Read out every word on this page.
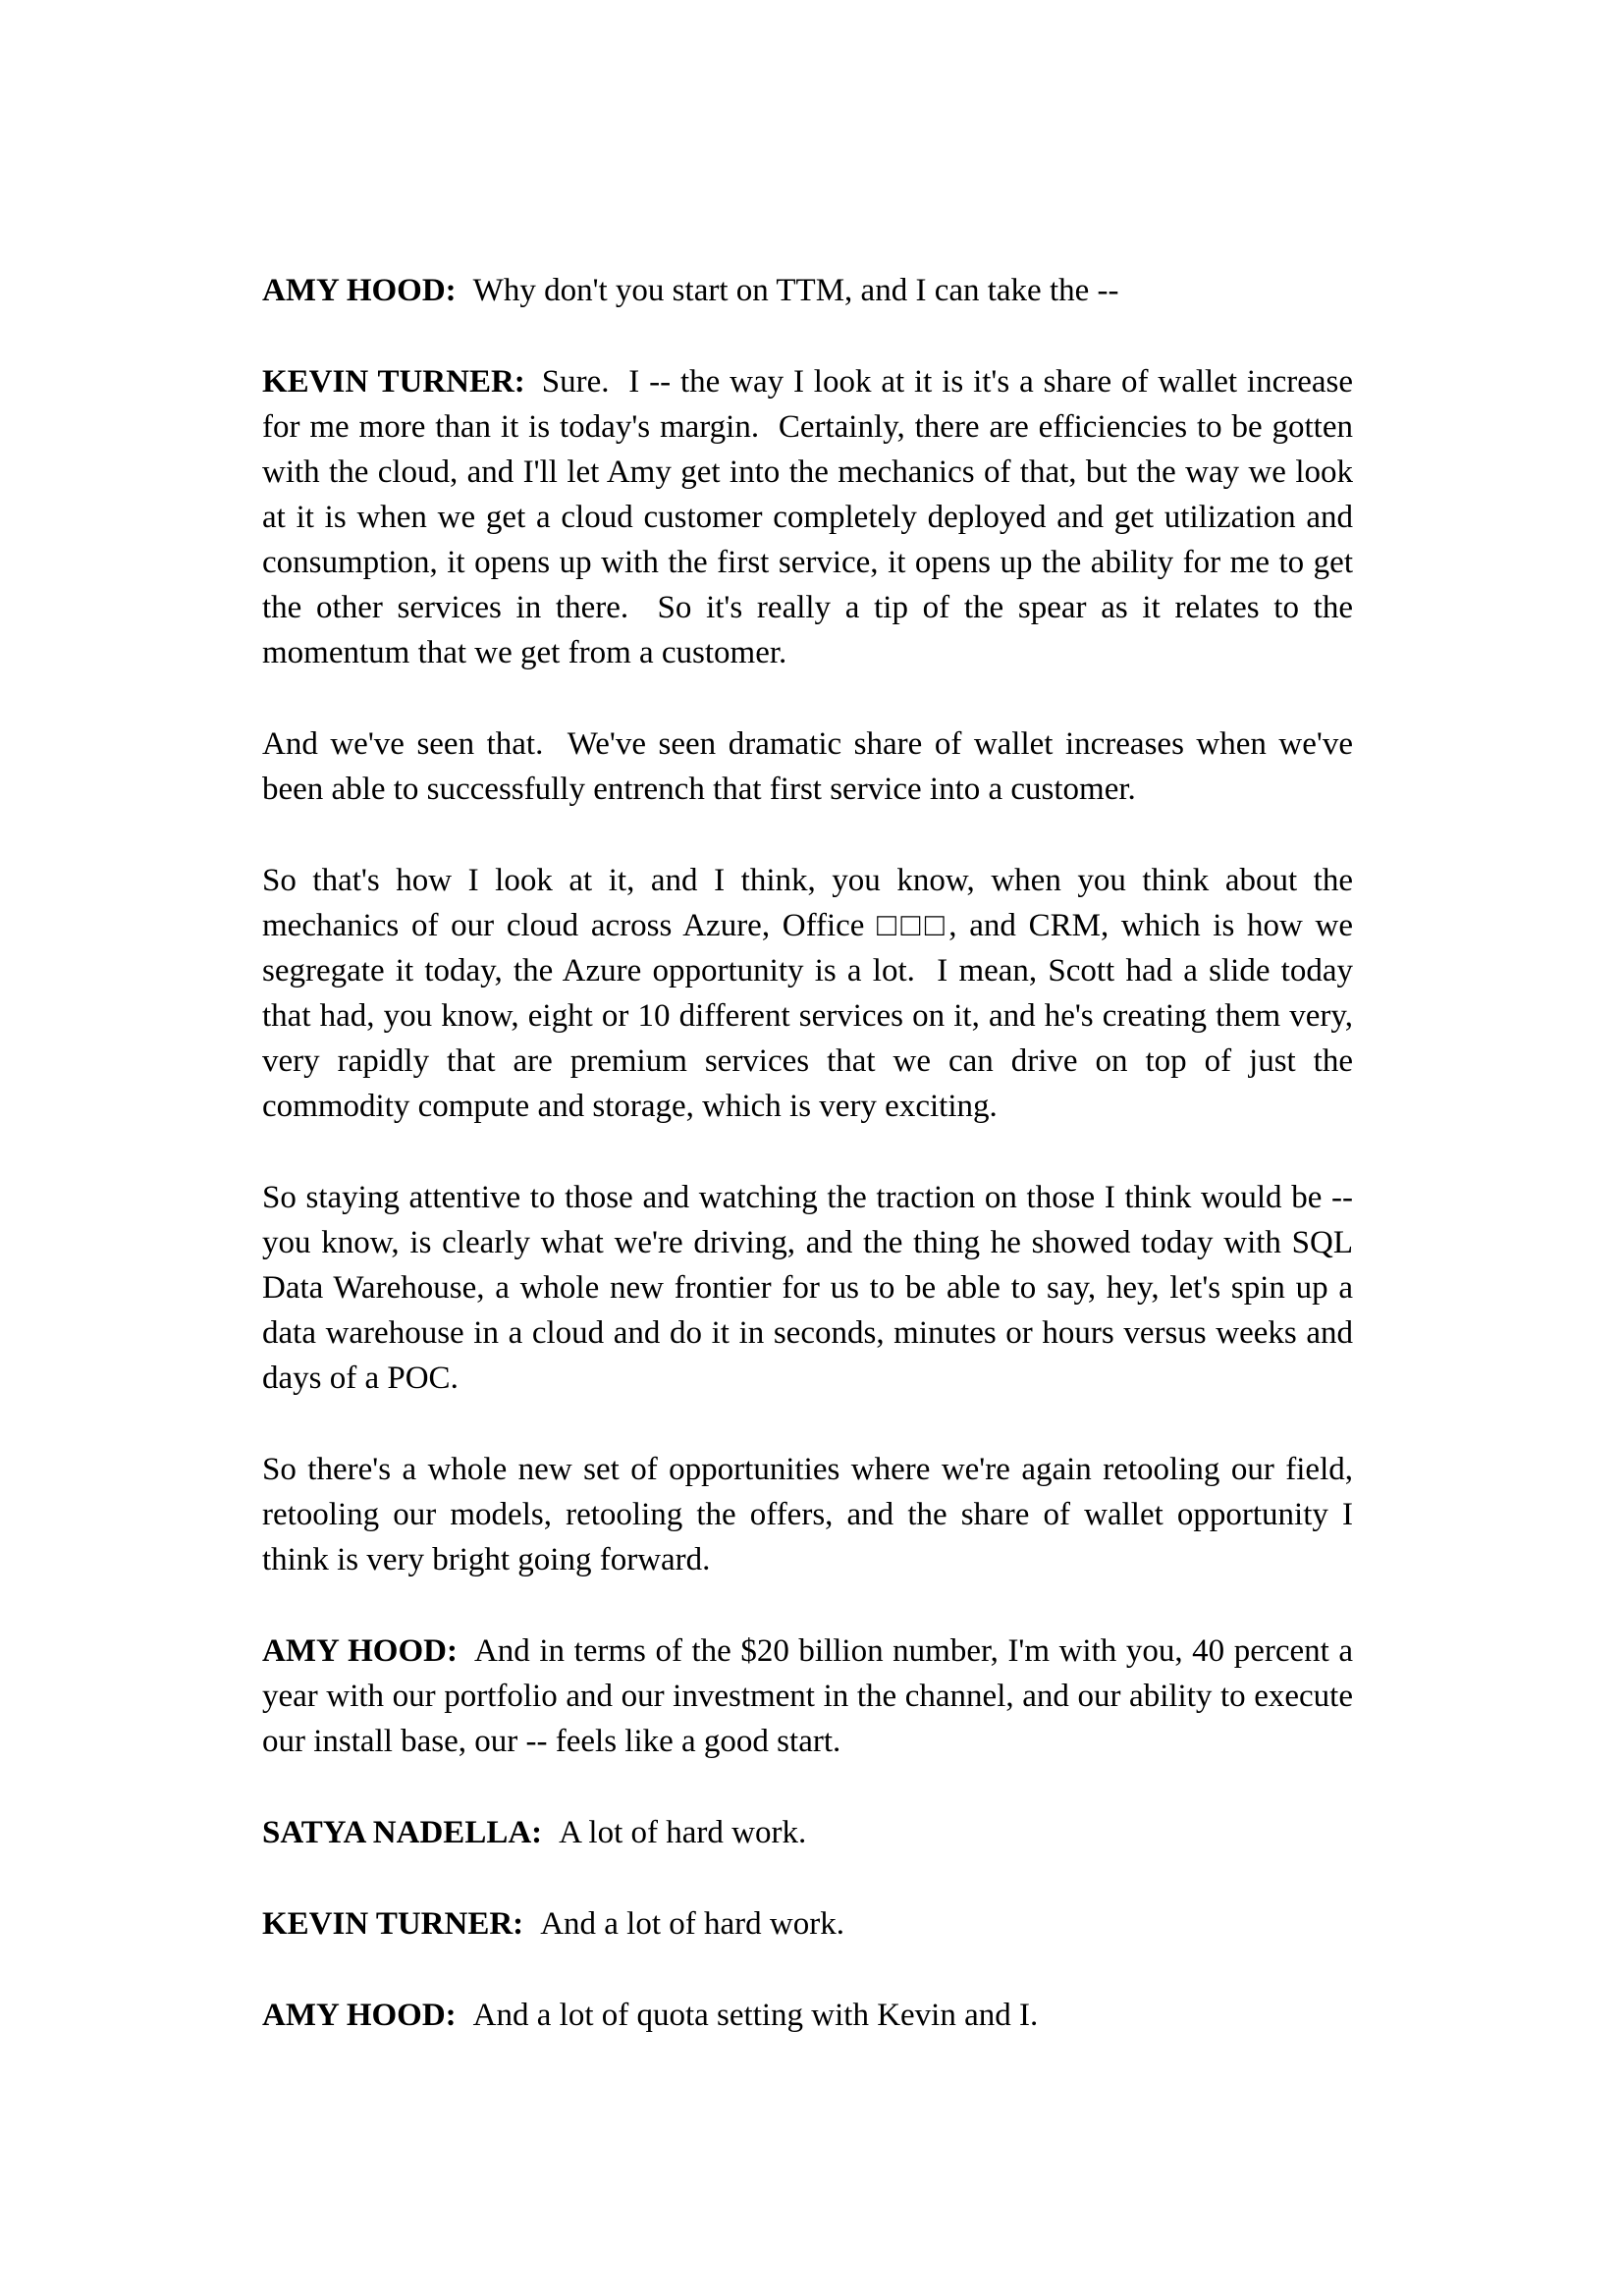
AMY HOOD: Why don't you start on TTM, and I can take the --

KEVIN TURNER: Sure.  I -- the way I look at it is it's a share of wallet increase for me more than it is today's margin.  Certainly, there are efficiencies to be gotten with the cloud, and I'll let Amy get into the mechanics of that, but the way we look at it is when we get a cloud customer completely deployed and get utilization and consumption, it opens up with the first service, it opens up the ability for me to get the other services in there.  So it's really a tip of the spear as it relates to the momentum that we get from a customer.

And we've seen that.  We've seen dramatic share of wallet increases when we've been able to successfully entrench that first service into a customer.

So that's how I look at it, and I think, you know, when you think about the mechanics of our cloud across Azure, Office □□□, and CRM, which is how we segregate it today, the Azure opportunity is a lot.  I mean, Scott had a slide today that had, you know, eight or 10 different services on it, and he's creating them very, very rapidly that are premium services that we can drive on top of just the commodity compute and storage, which is very exciting.

So staying attentive to those and watching the traction on those I think would be -- you know, is clearly what we're driving, and the thing he showed today with SQL Data Warehouse, a whole new frontier for us to be able to say, hey, let's spin up a data warehouse in a cloud and do it in seconds, minutes or hours versus weeks and days of a POC.

So there's a whole new set of opportunities where we're again retooling our field, retooling our models, retooling the offers, and the share of wallet opportunity I think is very bright going forward.

AMY HOOD: And in terms of the $20 billion number, I'm with you, 40 percent a year with our portfolio and our investment in the channel, and our ability to execute our install base, our -- feels like a good start.

SATYA NADELLA: A lot of hard work.

KEVIN TURNER: And a lot of hard work.

AMY HOOD: And a lot of quota setting with Kevin and I.
